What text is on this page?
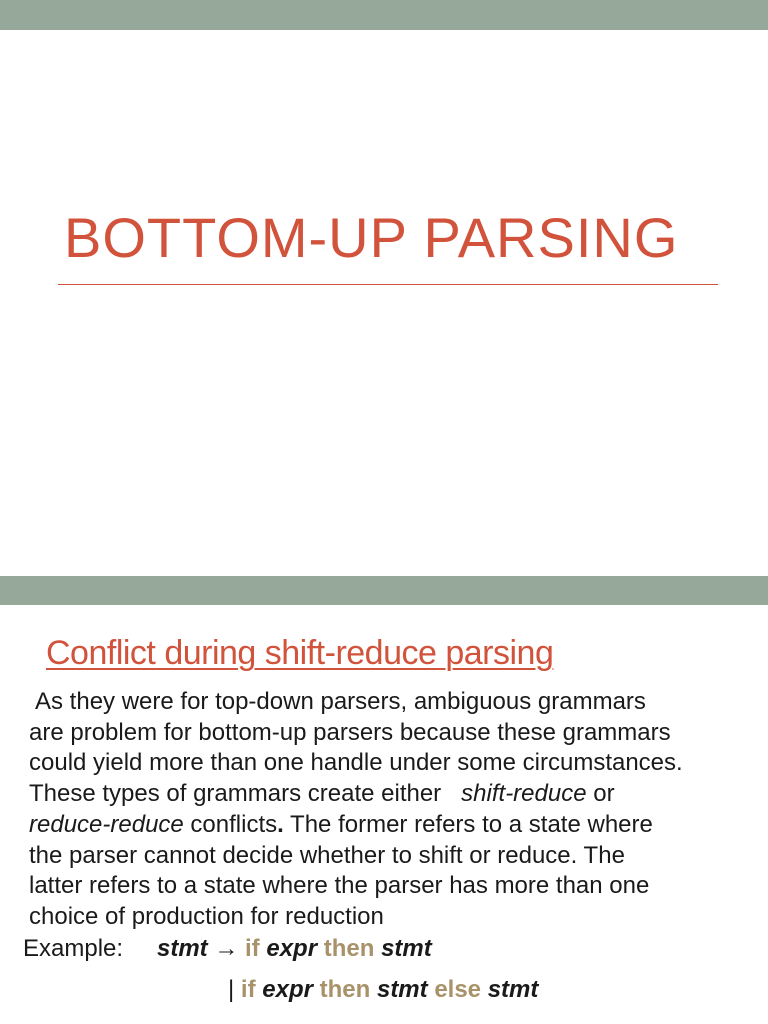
BOTTOM-UP PARSING
Conflict during shift-reduce parsing
As they were for top-down parsers, ambiguous grammars
are problem for bottom-up parsers because these grammars
could yield more than one handle under some circumstances.
These types of grammars create either shift-reduce or
reduce-reduce conflicts. The former refers to a state where
the parser cannot decide whether to shift or reduce. The
latter refers to a state where the parser has more than one
choice of production for reduction
Example: stmt → if expr then stmt
| if expr then stmt else stmt
